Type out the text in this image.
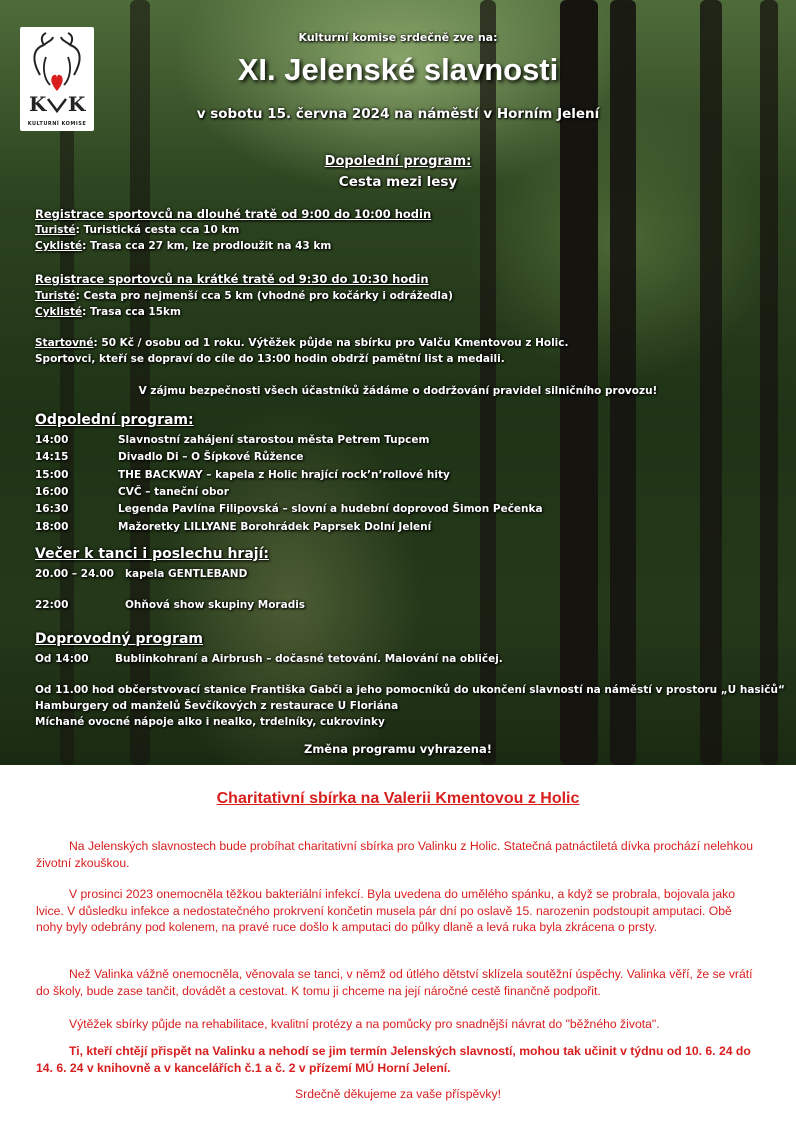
K K
KULTURNÍ KOMISE
Kulturní komise srdečně zve na:
XI. Jelenské slavnosti
v sobotu 15. června 2024 na náměstí v Horním Jelení
Dopolední program:
Cesta mezi lesy
Registrace sportovců na dlouhé tratě od 9:00 do 10:00 hodin
Turisté: Turistická cesta cca 10 km
Cyklisté: Trasa cca 27 km, lze prodloužit na 43 km
Registrace sportovců na krátké tratě od 9:30 do 10:30 hodin
Turisté: Cesta pro nejmenší cca 5 km (vhodné pro kočárky i odrážedla)
Cyklisté: Trasa cca 15km
Startovné: 50 Kč / osobu od 1 roku. Výtěžek půjde na sbírku pro Valču Kmentovou z Holic.
Sportovci, kteří se dopraví do cíle do 13:00 hodin obdrží pamětní list a medaili.
V zájmu bezpečnosti všech účastníků žádáme o dodržování pravidel silničního provozu!
Odpolední program:
14:00	Slavnostní zahájení starostou města Petrem Tupcem
14:15	Divadlo Di – O Šípkové Růžence
15:00	THE BACKWAY – kapela z Holic hrající rock’n’rollové hity
16:00	CVČ – taneční obor
16:30	Legenda Pavlína Filipovská – slovní a hudební doprovod Šimon Pečenka
18:00	Mažoretky LILLYANE Borohrádek Paprsek Dolní Jelení
Večer k tanci i poslechu hrají:
20.00 – 24.00 kapela GENTLEBAND
22:00	Ohňová show skupiny Moradis
Doprovodný program
Od 14:00	Bublinkohraní a Airbrush – dočasné tetování. Malování na obličej.
Od 11.00 hod občerstvovací stanice Františka Gabči a jeho pomocníků do ukončení slavností na náměstí v prostoru „U hasičů“
Hamburgery od manželů Ševčíkových z restaurace U Floriána
Míchané ovocné nápoje alko i nealko, trdelníky, cukrovinky
Změna programu vyhrazena!
Charitativní sbírka na Valerii Kmentovou z Holic

Na Jelenských slavnostech bude probíhat charitativní sbírka pro Valinku z Holic. Statečná patnáctiletá dívka prochází nelehkou životní zkouškou.

V prosinci 2023 onemocněla těžkou bakteriální infekcí. Byla uvedena do umělého spánku, a když se probrala, bojovala jako lvice. V důsledku infekce a nedostatečného prokrvení končetin musela pár dní po oslavě 15. narozenin podstoupit amputaci. Obě nohy byly odebrány pod kolenem, na pravé ruce došlo k amputaci do půlky dlaně a levá ruka byla zkrácena o prsty.

Než Valinka vážně onemocněla, věnovala se tanci, v němž od útlého dětství sklízela soutěžní úspěchy. Valinka věří, že se vrátí do školy, bude zase tančit, dovádět a cestovat. K tomu ji chceme na její náročné cestě finančně podpořit.

Výtěžek sbírky půjde na rehabilitace, kvalitní protézy a na pomůcky pro snadnější návrat do "běžného života".

Ti, kteří chtějí přispět na Valinku a nehodí se jim termín Jelenských slavností, mohou tak učinit v týdnu od 10. 6. 24 do 14. 6. 24 v knihovně a v kancelářích č.1 a č. 2 v přízemí MÚ Horní Jelení.

Srdečně děkujeme za vaše příspěvky!
